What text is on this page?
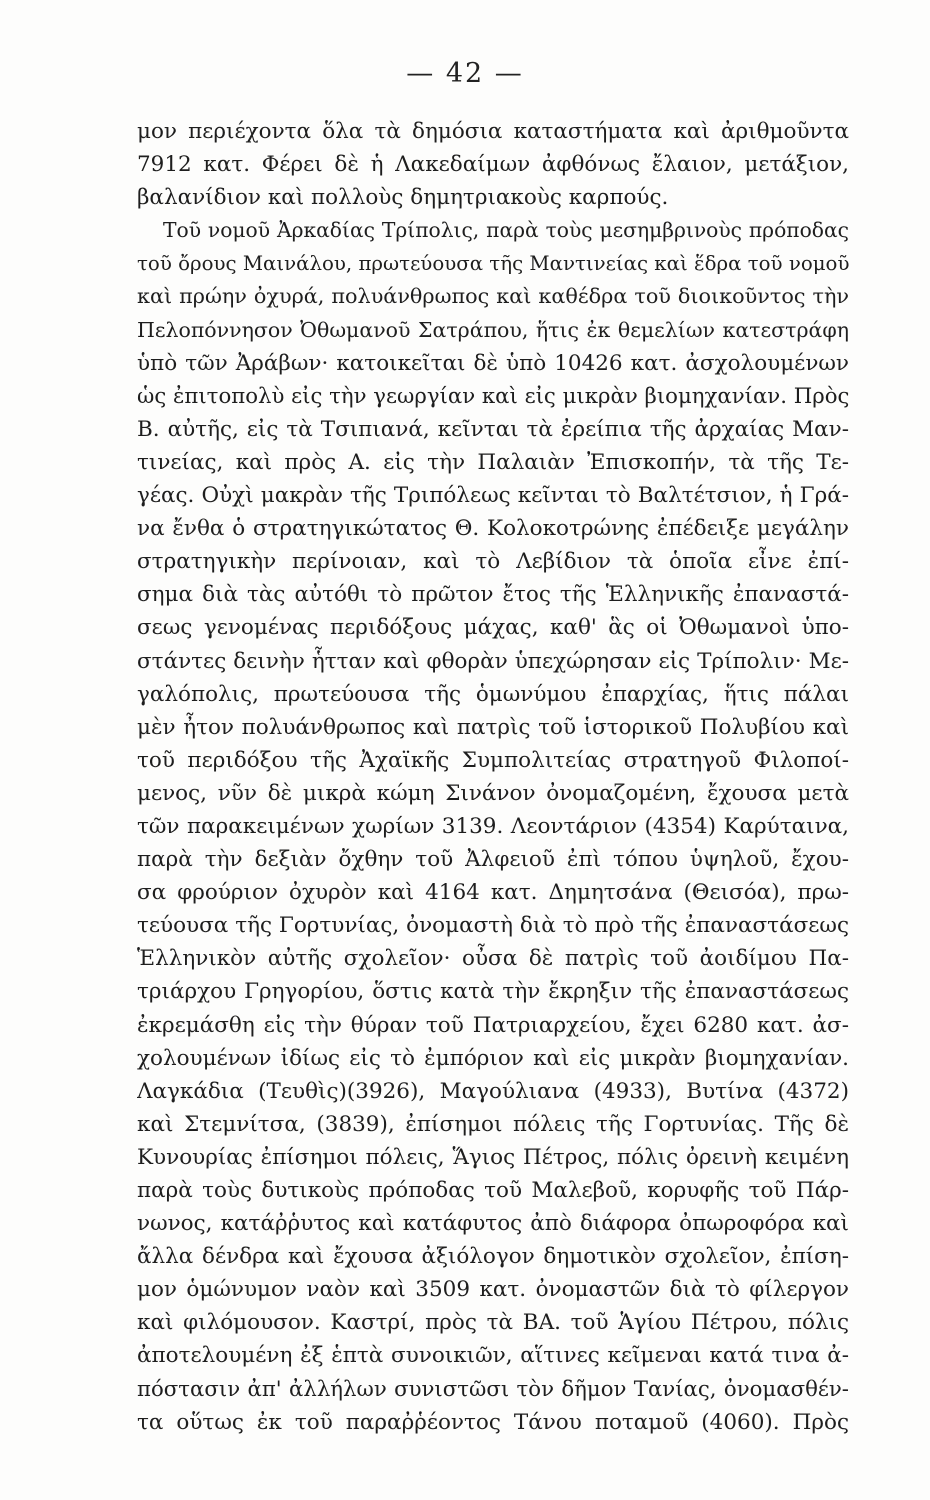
— 42 —
μον περιέχοντα ὅλα τὰ δημόσια καταστήματα καὶ ἀριθμοῦντα
7912 κατ. Φέρει δὲ ἡ Λακεδαίμων ἀφθόνως ἔλαιον, μετάξιον,
βαλανίδιον καὶ πολλοὺς δημητριακοὺς καρπούς.
Τοῦ νομοῦ Ἀρκαδίας Τρίπολις, παρὰ τοὺς μεσημβρινοὺς πρόποδας
τοῦ ὄρους Μαινάλου, πρωτεύουσα τῆς Μαντινείας καὶ ἕδρα τοῦ νομοῦ
καὶ πρώην ὀχυρά, πολυάνθρωπος καὶ καθέδρα τοῦ διοικοῦντος τὴν
Πελοπόννησον Ὀθωμανοῦ Σατράπου, ἥτις ἐκ θεμελίων κατεστράφη
ὑπὸ τῶν Ἀράβων· κατοικεῖται δὲ ὑπὸ 10426 κατ. ἀσχολουμένων
ὡς ἐπιτοπολὺ εἰς τὴν γεωργίαν καὶ εἰς μικρὰν βιομηχανίαν. Πρὸς
Β. αὐτῆς, εἰς τὰ Τσιπιανά, κεῖνται τὰ ἐρείπια τῆς ἀρχαίας Μαν-
τινείας, καὶ πρὸς Α. εἰς τὴν Παλαιὰν Ἐπισκοπήν, τὰ τῆς Τε-
γέας. Οὐχὶ μακρὰν τῆς Τριπόλεως κεῖνται τὸ Βαλτέτσιον, ἡ Γρά-
να ἔνθα ὁ στρατηγικώτατος Θ. Κολοκοτρώνης ἐπέδειξε μεγάλην
στρατηγικὴν περίνοιαν, καὶ τὸ Λεβίδιον τὰ ὁποῖα εἶνε ἐπί-
σημα διὰ τὰς αὐτόθι τὸ πρῶτον ἔτος τῆς Ἑλληνικῆς ἐπαναστά-
σεως γενομένας περιδόξους μάχας, καθ' ἃς οἱ Ὀθωμανοὶ ὑπο-
στάντες δεινὴν ἧτταν καὶ φθορὰν ὑπεχώρησαν εἰς Τρίπολιν· Με-
γαλόπολις, πρωτεύουσα τῆς ὁμωνύμου ἐπαρχίας, ἥτις πάλαι
μὲν ἦτον πολυάνθρωπος καὶ πατρὶς τοῦ ἱστορικοῦ Πολυβίου καὶ
τοῦ περιδόξου τῆς Ἀχαϊκῆς Συμπολιτείας στρατηγοῦ Φιλοποί-
μενος, νῦν δὲ μικρὰ κώμη Σινάνον ὀνομαζομένη, ἔχουσα μετὰ
τῶν παρακειμένων χωρίων 3139. Λεοντάριον (4354) Καρύταινα,
παρὰ τὴν δεξιὰν ὄχθην τοῦ Ἀλφειοῦ ἐπὶ τόπου ὑψηλοῦ, ἔχου-
σα φρούριον ὀχυρὸν καὶ 4164 κατ. Δημητσάνα (Θεισόα), πρω-
τεύουσα τῆς Γορτυνίας, ὀνομαστὴ διὰ τὸ πρὸ τῆς ἐπαναστάσεως
Ἑλληνικὸν αὐτῆς σχολεῖον· οὖσα δὲ πατρὶς τοῦ ἀοιδίμου Πα-
τριάρχου Γρηγορίου, ὅστις κατὰ τὴν ἔκρηξιν τῆς ἐπαναστάσεως
ἐκρεμάσθη εἰς τὴν θύραν τοῦ Πατριαρχείου, ἔχει 6280 κατ. ἀσ-
χολουμένων ἰδίως εἰς τὸ ἐμπόριον καὶ εἰς μικρὰν βιομηχανίαν.
Λαγκάδια (Τευθὶς)(3926), Μαγούλιανα (4933), Βυτίνα (4372)
καὶ Στεμνίτσα, (3839), ἐπίσημοι πόλεις τῆς Γορτυνίας. Τῆς δὲ
Κυνουρίας ἐπίσημοι πόλεις, Ἅγιος Πέτρος, πόλις ὀρεινὴ κειμένη
παρὰ τοὺς δυτικοὺς πρόποδας τοῦ Μαλεβοῦ, κορυφῆς τοῦ Πάρ-
νωνος, κατάῤῥυτος καὶ κατάφυτος ἀπὸ διάφορα ὀπωροφόρα καὶ
ἄλλα δένδρα καὶ ἔχουσα ἀξιόλογον δημοτικὸν σχολεῖον, ἐπίση-
μον ὁμώνυμον ναὸν καὶ 3509 κατ. ὀνομαστῶν διὰ τὸ φίλεργον
καὶ φιλόμουσον. Καστρί, πρὸς τὰ ΒΑ. τοῦ Ἁγίου Πέτρου, πόλις
ἀποτελουμένη ἐξ ἑπτὰ συνοικιῶν, αἵτινες κεῖμεναι κατά τινα ἀ-
πόστασιν ἀπ' ἀλλήλων συνιστῶσι τὸν δῆμον Τανίας, ὀνομασθέν-
τα οὕτως ἐκ τοῦ παραῤῥέοντος Τάνου ποταμοῦ (4060). Πρὸς
